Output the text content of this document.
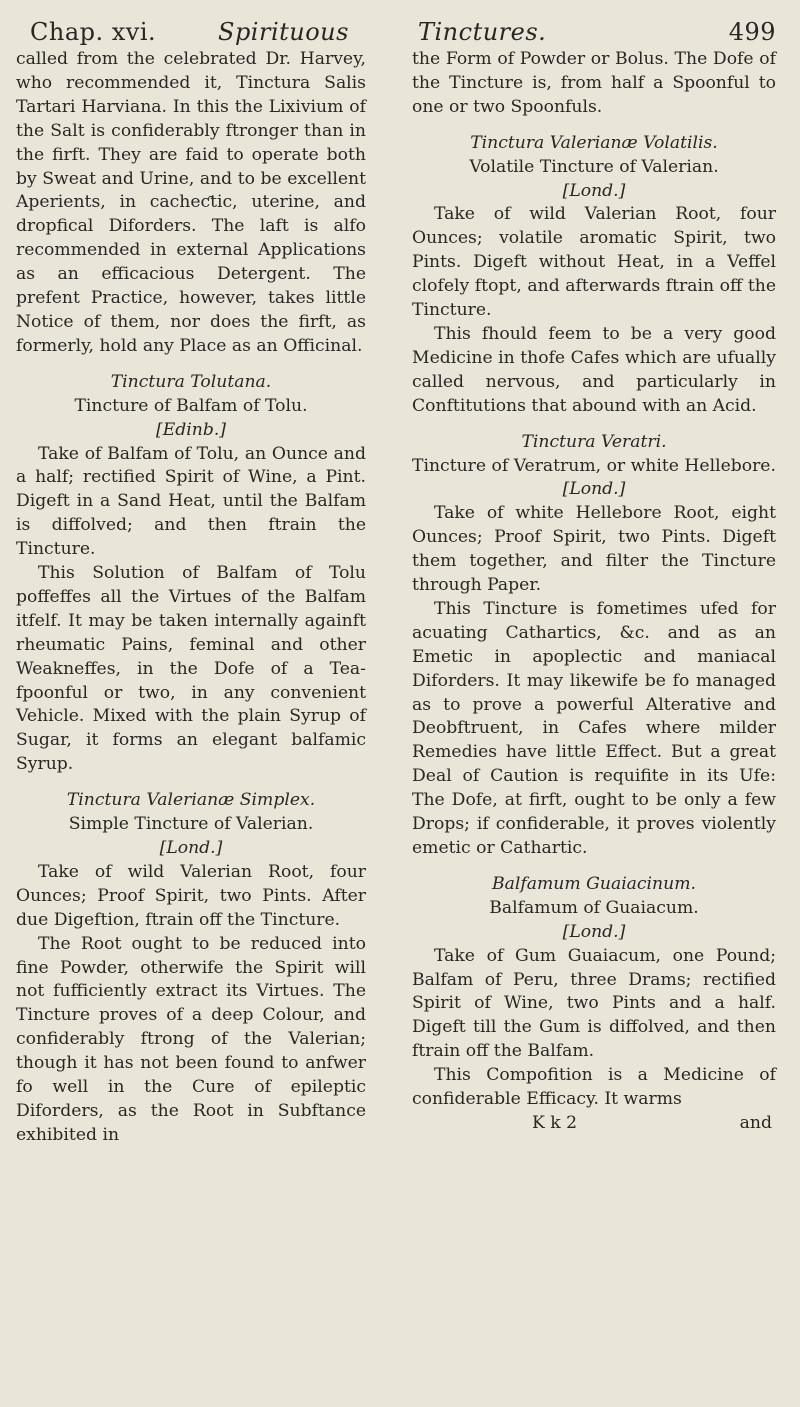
Chap. xvi.	Spirituous	Tinctures.	499

called from the celebrated Dr. Harvey, who recommended it, Tinctura Salis Tartari Harviana. In this the Lixivium of the Salt is confiderably ftronger than in the firft. They are faid to operate both by Sweat and Urine, and to be excellent Aperients, in cacheƈtic, uterine, and dropfical Diforders. The laft is alfo recommended in external Applications as an efficacious Detergent. The prefent Practice, however, takes little Notice of them, nor does the firft, as formerly, hold any Place as an Officinal.

Tinctura Tolutana.

Tincture of Balfam of Tolu.

[Edinb.]

Take of Balfam of Tolu, an Ounce and a half; rectified Spirit of Wine, a Pint. Digeft in a Sand Heat, until the Balfam is diffolved; and then ftrain the Tincture.

This Solution of Balfam of Tolu poffeffes all the Virtues of the Balfam itfelf. It may be taken internally againft rheumatic Pains, feminal and other Weakneffes, in the Dofe of a Tea-fpoonful or two, in any convenient Vehicle. Mixed with the plain Syrup of Sugar, it forms an elegant balfamic Syrup.

Tinctura Valerianæ Simplex.

Simple Tincture of Valerian.

[Lond.]

Take of wild Valerian Root, four Ounces; Proof Spirit, two Pints. After due Digeftion, ftrain off the Tincture.

The Root ought to be reduced into fine Powder, otherwife the Spirit will not fufficiently extract its Virtues. The Tincture proves of a deep Colour, and confiderably ftrong of the Valerian; though it has not been found to anfwer fo well in the Cure of epileptic Diforders, as the Root in Subftance exhibited in

the Form of Powder or Bolus. The Dofe of the Tincture is, from half a Spoonful to one or two Spoonfuls.

Tinctura Valerianæ Volatilis.

Volatile Tincture of Valerian.

[Lond.]

Take of wild Valerian Root, four Ounces; volatile aromatic Spirit, two Pints. Digeft without Heat, in a Veffel clofely ftopt, and afterwards ftrain off the Tincture.

This fhould feem to be a very good Medicine in thofe Cafes which are ufually called nervous, and particularly in Conftitutions that abound with an Acid.

Tinctura Veratri.

Tincture of Veratrum, or white Hellebore.

[Lond.]

Take of white Hellebore Root, eight Ounces; Proof Spirit, two Pints. Digeft them together, and filter the Tincture through Paper.

This Tincture is fometimes ufed for acuating Cathartics, &c. and as an Emetic in apoplectic and maniacal Diforders. It may likewife be fo managed as to prove a powerful Alterative and Deobftruent, in Cafes where milder Remedies have little Effect. But a great Deal of Caution is requifite in its Ufe: The Dofe, at firft, ought to be only a few Drops; if confiderable, it proves violently emetic or Cathartic.

Balfamum Guaiacinum.

Balfamum of Guaiacum.

[Lond.]

Take of Gum Guaiacum, one Pound; Balfam of Peru, three Drams; rectified Spirit of Wine, two Pints and a half. Digeft till the Gum is diffolved, and then ftrain off the Balfam.

This Compofition is a Medicine of confiderable Efficacy. It warms

K k 2	and
